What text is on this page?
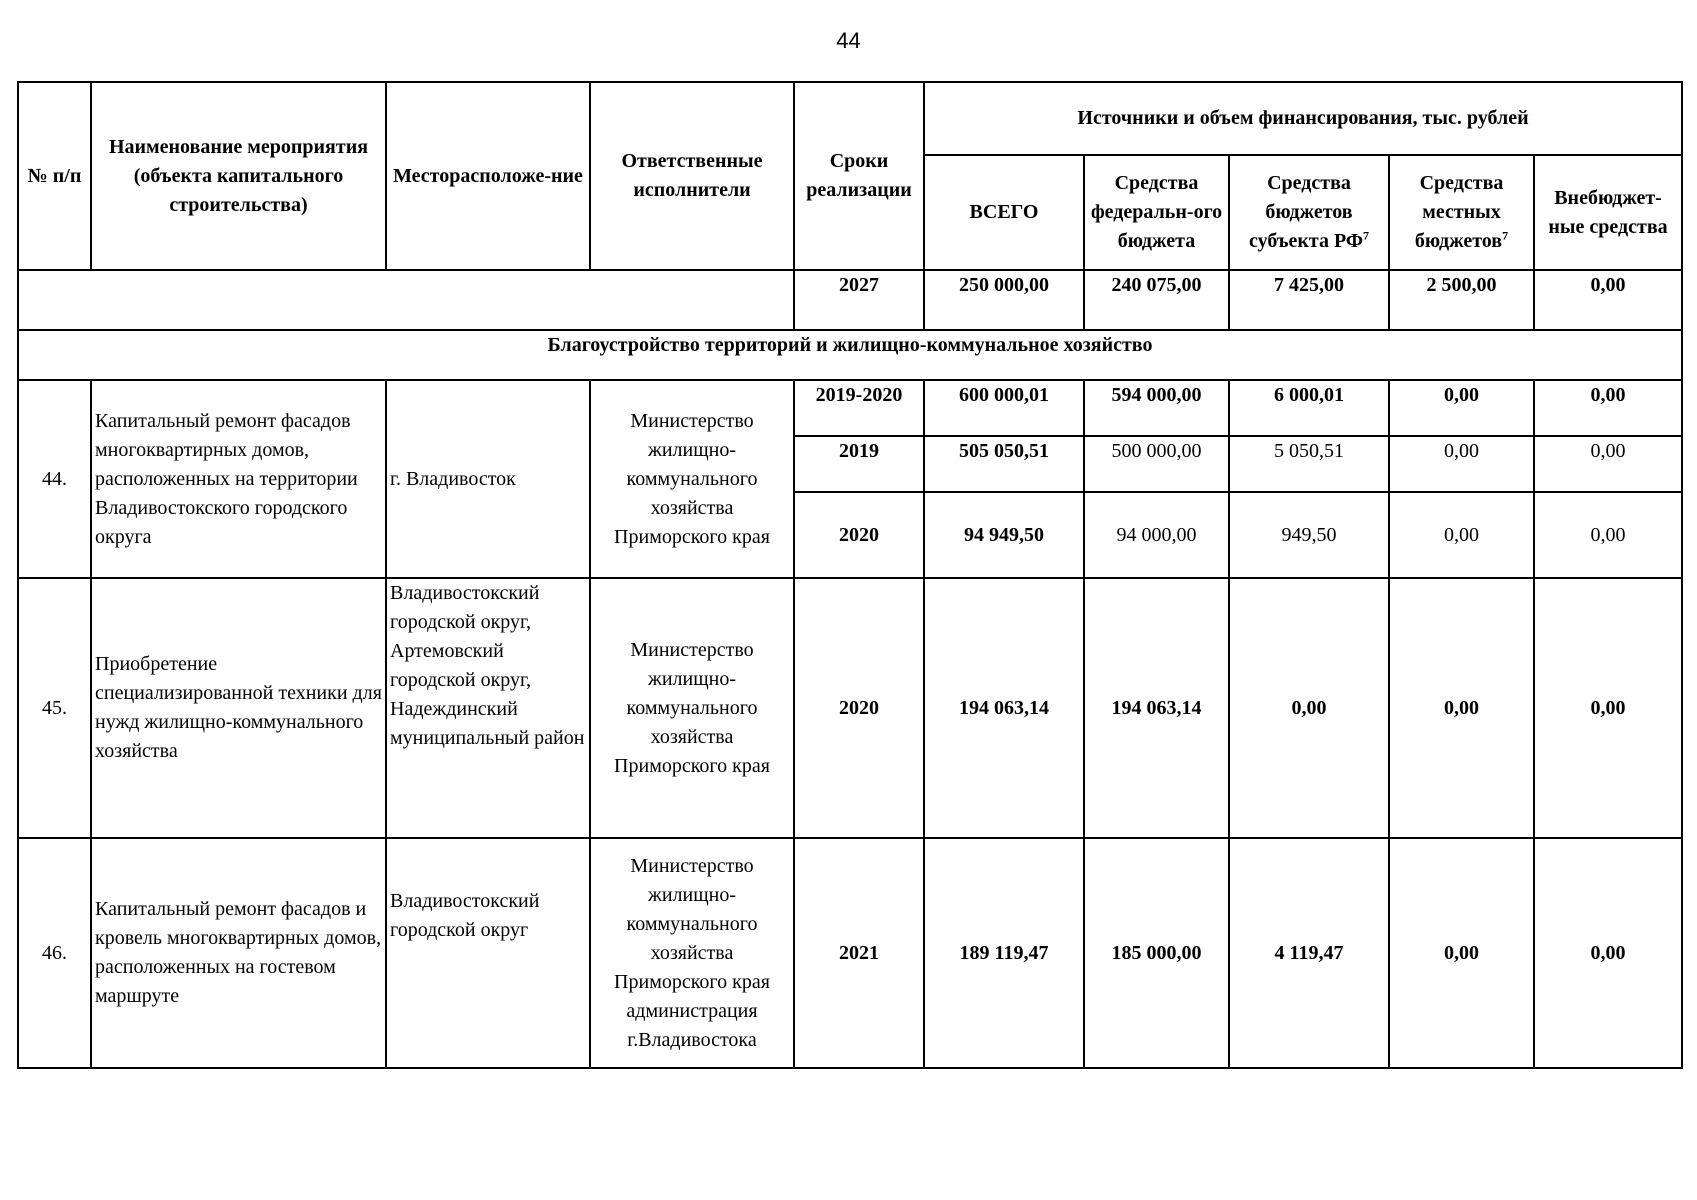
44
№ п/п	Наименование мероприятия (объекта капитального строительства)	Месторасположе-ние	Ответственные исполнители	Сроки реализации	Источники и объем финансирования, тыс. рублей				
					ВСЕГО	Средства федеральн-ого бюджета	Средства бюджетов субъекта $РФ^7$	Средства местных бюджетов$^7$	Внебюджет-ные средства
				2027	250 000,00	240 075,00	7 425,00	2 500,00	0,00
Благоустройство территорий и жилищно-коммунальное хозяйство									
44.	Капитальный ремонт фасадов многоквартирных домов, расположенных на территории Владивостокского городского округа	г. Владивосток	Министерство жилищно-коммунального хозяйства Приморского края	2019-2020	600 000,01	594 000,00	6 000,01	0,00	0,00
				2019	505 050,51	500 000,00	5 050,51	0,00	0,00
				2020	94 949,50	94 000,00	949,50	0,00	0,00
45.	Приобретение специализированной техники для нужд жилищно-коммунального хозяйства	Владивостокский городской округ, Артемовский городской округ, Надеждинский муниципальный район	Министерство жилищно-коммунального хозяйства Приморского края	2020	194 063,14	194 063,14	0,00	0,00	0,00
46.	Капитальный ремонт фасадов и кровель многоквартирных домов, расположенных на гостевом маршруте	Владивостокский городской округ	Министерство жилищно-коммунального хозяйства Приморского края администрация г.Владивостока	2021	189 119,47	185 000,00	4 119,47	0,00	0,00
